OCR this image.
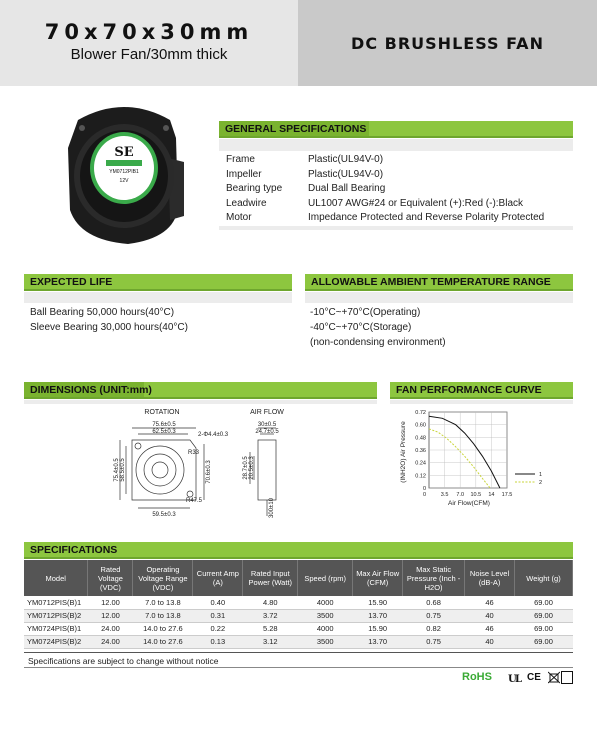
70x70x30mm
Blower Fan/30mm thick
DC BRUSHLESS FAN
SE
YM0712PIB1
12V
GENERAL SPECIFICATIONS
Frame	Plastic(UL94V-0)
Impeller	Plastic(UL94V-0)
Bearing type	Dual Ball Bearing
Leadwire	UL1007 AWG#24 or Equivalent (+):Red (-):Black
Motor	Impedance Protected and Reverse Polarity Protected
EXPECTED LIFE
Ball Bearing 50,000 hours(40°C)
Sleeve Bearing 30,000 hours(40°C)
ALLOWABLE AMBIENT TEMPERATURE RANGE
-10°C~+70°C(Operating)
-40°C~+70°C(Storage)
(non-condensing environment)
DIMENSIONS (UNIT:mm)
ROTATION	AIR FLOW
75.6±0.5
62.5±0.3	2-Φ4.4±0.3
R33
75.4±0.5 58.5±0.5	70.6±0.3
R47.5
59.5±0.3
30±0.5
24.7±0.5
28.7±0.5 20.5±0.3
300±10
FAN PERFORMANCE CURVE
0.72
0.60
0.48
0.36
0.24
0.12
0
3.5 7.0 10.5 14 17.5
0
Air Flow(CFM)
(INH2O) Air Pressure	1
2
SPECIFICATIONS
Model	Rated Voltage (VDC)	Operating Voltage Range (VDC)	Current Amp (A)	Rated Input Power (Watt)	Speed (rpm)	Max Air Flow (CFM)	Max Static Pressure (Inch -H2O)	Noise Level (dB-A)	Weight (g)
YM0712PIS(B)1	12.00	7.0 to 13.8	0.40	4.80	4000	15.90	0.68	46	69.00
YM0712PIS(B)2	12.00	7.0 to 13.8	0.31	3.72	3500	13.70	0.75	40	69.00
YM0724PIS(B)1	24.00	14.0 to 27.6	0.22	5.28	4000	15.90	0.82	46	69.00
YM0724PIS(B)2	24.00	14.0 to 27.6	0.13	3.12	3500	13.70	0.75	40	69.00
Specifications are subject to change without notice
RoHS U
L CE
